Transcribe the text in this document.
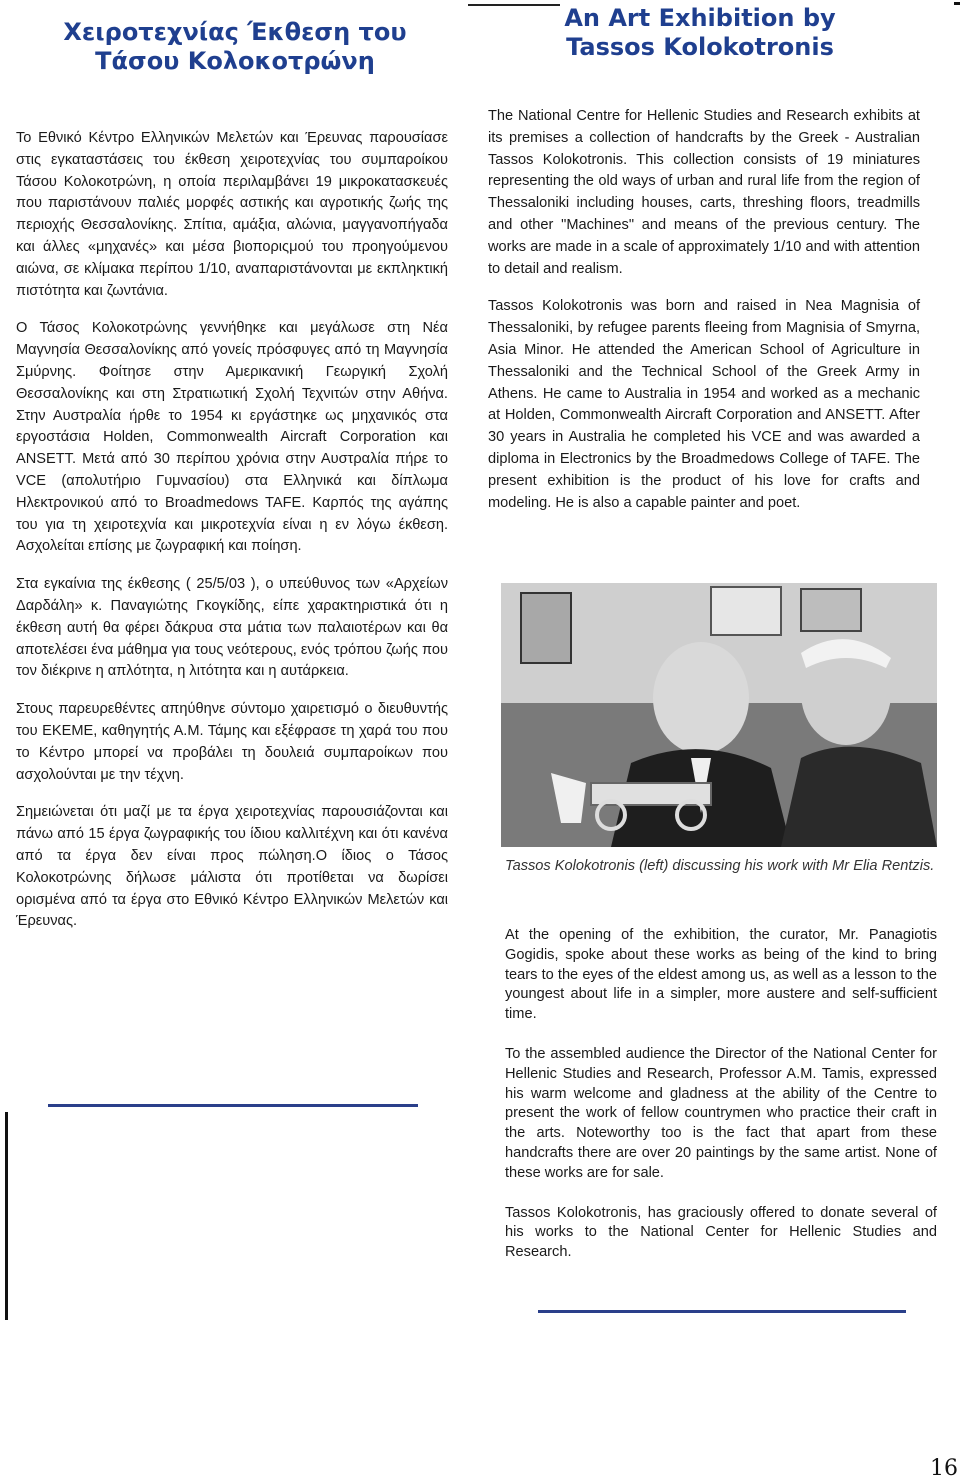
Χειροτεχνίας Έκθεση του
Τάσου Κολοκοτρώνη
An Art Exhibition by
Tassos Kolokotronis

Το Εθνικό Κέντρο Ελληνικών Μελετών και Έρευνας παρουσίασε στις εγκαταστάσεις του έκθεση χειροτεχνίας του συμπαροίκου Τάσου Κολοκοτρώνη, η οποία περιλαμβάνει 19 μικροκατασκευές που παριστάνουν παλιές μορφές αστικής και αγροτικής ζωής της περιοχής Θεσσαλονίκης. Σπίτια, αμάξια, αλώνια, μαγγανοπήγαδα και άλλες «μηχανές» και μέσα βιοποριςμού του προηγούμενου αιώνα, σε κλίμακα περίπου 1/10, αναπαριστάνονται με εκπληκτική πιστότητα και ζωντάνια.

Ο Τάσος Κολοκοτρώνης γεννήθηκε και μεγάλωσε στη Νέα Μαγνησία Θεσσαλονίκης από γονείς πρόσφυγες από τη Μαγνησία Σμύρνης. Φοίτησε στην Αμερικανική Γεωργική Σχολή Θεσσαλονίκης και στη Στρατιωτική Σχολή Τεχνιτών στην Αθήνα. Στην Αυστραλία ήρθε το 1954 κι εργάστηκε ως μηχανικός στα εργοστάσια Holden, Commonwealth Aircraft Corporation και ANSETT. Μετά από 30 περίπου χρόνια στην Αυστραλία πήρε το VCE (απολυτήριο Γυμνασίου) στα Ελληνικά και δίπλωμα Ηλεκτρονικού από το Broadmedows TAFE. Καρπός της αγάπης του για τη χειροτεχνία και μικροτεχνία είναι η εν λόγω έκθεση. Ασχολείται επίσης με ζωγραφική και ποίηση.

Στα εγκαίνια της έκθεσης ( 25/5/03 ), ο υπεύθυνος των «Αρχείων Δαρδάλη» κ. Παναγιώτης Γκογκίδης, είπε χαρακτηριστικά ότι η έκθεση αυτή θα φέρει δάκρυα στα μάτια των παλαιοτέρων και θα αποτελέσει ένα μάθημα για τους νεότερους, ενός τρόπου ζωής που τον διέκρινε η απλότητα, η λιτότητα και η αυτάρκεια.

Στους παρευρεθέντες απηύθηνε σύντομο χαιρετισμό ο διευθυντής του ΕΚΕΜΕ, καθηγητής Α.Μ. Τάμης και εξέφρασε τη χαρά του που το Κέντρο μπορεί να προβάλει τη δουλειά συμπαροίκων που ασχολούνται με την τέχνη.

Σημειώνεται ότι μαζί με τα έργα χειροτεχνίας παρουσιάζονται και πάνω από 15 έργα ζωγραφικής του ίδιου καλλιτέχνη και ότι κανένα από τα έργα δεν είναι προς πώληση.Ο ίδιος ο Τάσος Κολοκοτρώνης δήλωσε μάλιστα ότι προτίθεται να δωρίσει ορισμένα από τα έργα στο Εθνικό Κέντρο Ελληνικών Μελετών και Έρευνας.

The National Centre for Hellenic Studies and Research exhibits at its premises a collection of handcrafts by the Greek - Australian Tassos Kolokotronis. This collection consists of 19 miniatures representing the old ways of urban and rural life from the region of Thessaloniki including houses, carts, threshing floors, treadmills and other "Machines" and means of the previous century. The works are made in a scale of approximately 1/10 and with attention to detail and realism.

Tassos Kolokotronis was born and raised in Nea Magnisia of Thessaloniki, by refugee parents fleeing from Magnisia of Smyrna, Asia Minor. He attended the American School of Agriculture in Thessaloniki and the Technical School of the Greek Army in Athens. He came to Australia in 1954 and worked as a mechanic at Holden, Commonwealth Aircraft Corporation and ANSETT. After 30 years in Australia he completed his VCE and was awarded a diploma in Electronics by the Broadmedows College of TAFE. The present exhibition is the product of his love for crafts and modeling. He is also a capable painter and poet.

Tassos Kolokotronis (left) discussing his work with Mr Elia Rentzis.

At the opening of the exhibition, the curator, Mr. Panagiotis Gogidis, spoke about these works as being of the kind to bring tears to the eyes of the eldest among us, as well as a lesson to the youngest about life in a simpler, more austere and self-sufficient time.

To the assembled audience the Director of the National Center for Hellenic Studies and Research, Professor A.M. Tamis, expressed his warm welcome and gladness at the ability of the Centre to present the work of fellow countrymen who practice their craft in the arts. Noteworthy too is the fact that apart from these handcrafts there are over 20 paintings by the same artist. None of these works are for sale.

Tassos Kolokotronis, has graciously offered to donate several of his works to the National Center for Hellenic Studies and Research.

16
